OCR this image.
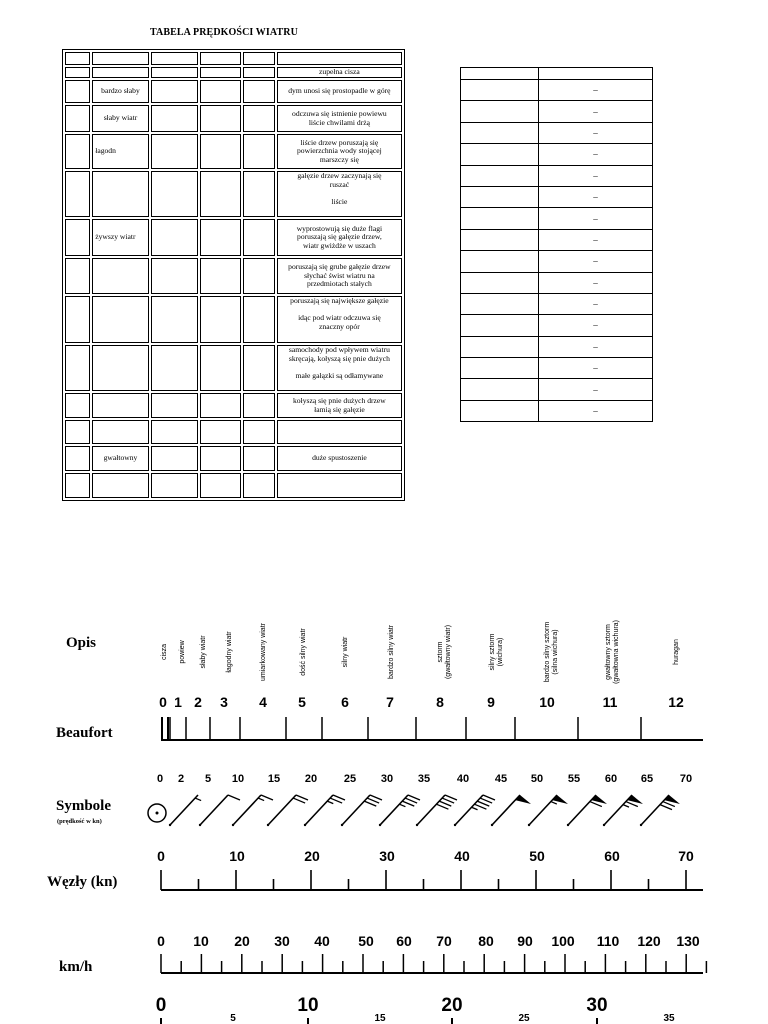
TABELA PRĘDKOŚCI WIATRU

					zupełna cisza
	bardzo słaby				dym unosi się prostopadle w górę
	słaby wiatr				odczuwa się istnienie powiewu
liście chwilami drżą
	łagodn				liście drzew poruszają się
powierzchnia wody stojącej
marszczy się
					gałęzie drzew zaczynają się
ruszać

liście
	żywszy wiatr				wyprostowują się duże flagi
poruszają się gałęzie drzew,
wiatr gwiżdże w uszach
					poruszają się grube gałęzie drzew
słychać świst wiatru na
przedmiotach stałych
					poruszają się największe gałęzie

idąc pod wiatr odczuwa się
znaczny opór
					samochody pod wpływem wiatru
skręcają, kołyszą się pnie dużych

małe gałązki są odłamywane
					kołyszą się pnie dużych drzew
łamią się gałęzie

	gwałtowny				duże spustoszenie

	–
	–
	–
	–
	–
	–
	–
	–
	–
	–
	–
	–
	–
	–
	–
	–
Opis
Beaufort
Symbole
(prędkość w kn)
Węzły (kn)
km/h
cisza powiew słaby wiatr	łagodny wiatr	umiarkowany wiatr	dość silny wiatr	silny wiatr	bardzo silny wiatr	sztorm (gwałtowny wiatr)	silny sztorm (wichura)	bardzo silny sztorm (silna wichura)	gwałtowny sztorm (gwałtowna wichura)	huragan
0 1 2 3 4 5	6	7	8	9	10	11	12
0 2 5 10 15 20 25 30 35 40 45 50 55 60 65 70
0	10	20	30	40	50	60	70
0 10 20 30 40 50 60 70 80 90 100 110 120 130
0	10	20	30
5	15	25	35
